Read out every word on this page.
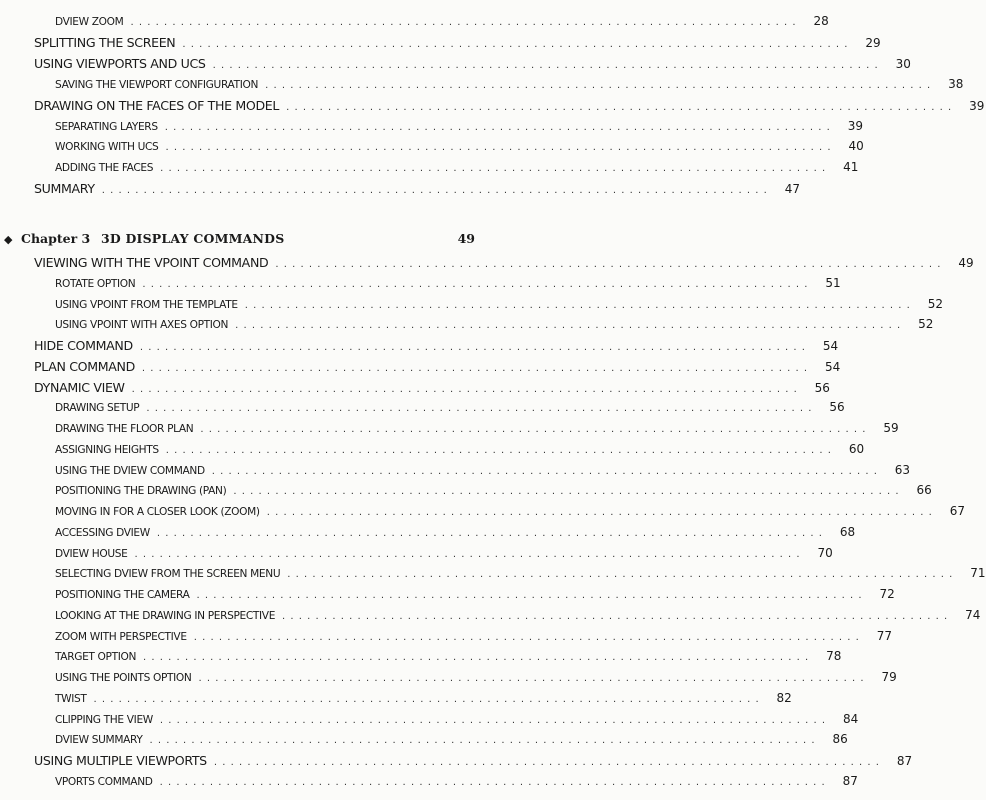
DVIEW ZOOM ................................................................................	28
SPLITTING THE SCREEN ................................................................................	29
USING VIEWPORTS AND UCS ................................................................................	30
SAVING THE VIEWPORT CONFIGURATION ................................................................................	38
DRAWING ON THE FACES OF THE MODEL ................................................................................	39
SEPARATING LAYERS ................................................................................	39
WORKING WITH UCS ................................................................................	40
ADDING THE FACES ................................................................................	41
SUMMARY ................................................................................	47
◆ Chapter 3 3D DISPLAY COMMANDS	49
VIEWING WITH THE VPOINT COMMAND ................................................................................	49
ROTATE OPTION ................................................................................	51
USING VPOINT FROM THE TEMPLATE ................................................................................	52
USING VPOINT WITH AXES OPTION ................................................................................	52
HIDE COMMAND ................................................................................	54
PLAN COMMAND ................................................................................	54
DYNAMIC VIEW ................................................................................	56
DRAWING SETUP ................................................................................	56
DRAWING THE FLOOR PLAN ................................................................................	59
ASSIGNING HEIGHTS ................................................................................	60
USING THE DVIEW COMMAND ................................................................................	63
POSITIONING THE DRAWING (PAN) ................................................................................	66
MOVING IN FOR A CLOSER LOOK (ZOOM) ................................................................................	67
ACCESSING DVIEW ................................................................................	68
DVIEW HOUSE ................................................................................	70
SELECTING DVIEW FROM THE SCREEN MENU ................................................................................	71
POSITIONING THE CAMERA ................................................................................	72
LOOKING AT THE DRAWING IN PERSPECTIVE ................................................................................	74
ZOOM WITH PERSPECTIVE ................................................................................	77
TARGET OPTION ................................................................................	78
USING THE POINTS OPTION ................................................................................	79
TWIST ................................................................................	82
CLIPPING THE VIEW ................................................................................	84
DVIEW SUMMARY ................................................................................	86
USING MULTIPLE VIEWPORTS ................................................................................	87
VPORTS COMMAND ................................................................................	87
